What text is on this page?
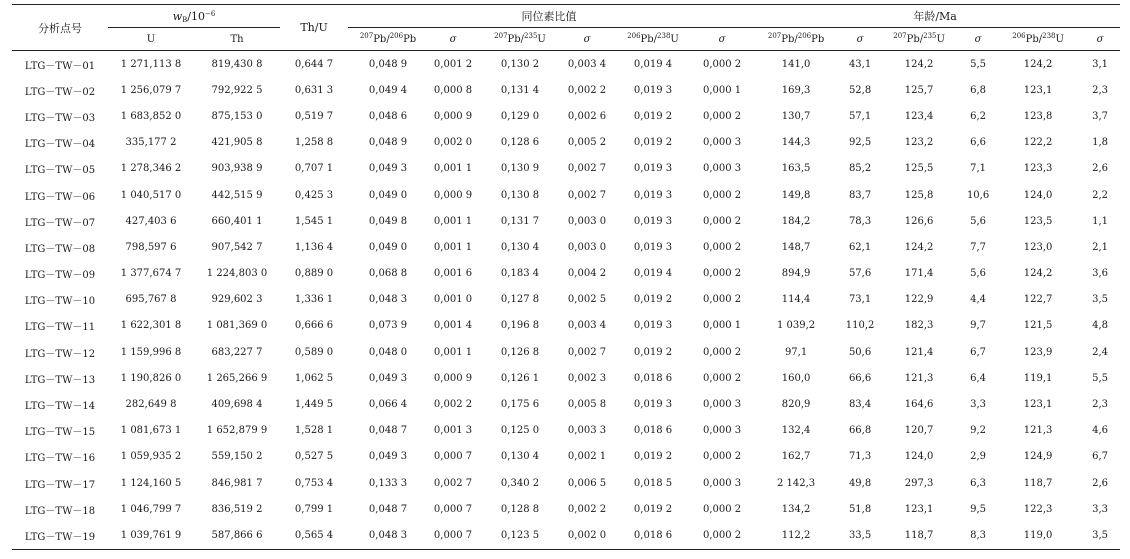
分析点号	$w_B/10^{-6}$		Th/U	同位素比值						年龄/Ma					
	U	Th		$^{207}$Pb/$^{206}$Pb	σ	$^{207}$Pb/$^{235}$U	σ	$^{206}$Pb/$^{238}$U	σ	$^{207}$Pb/$^{206}$Pb	σ	$^{207}$Pb/$^{235}$U	σ	$^{206}$Pb/$^{238}$U	σ
LTG－TW－01	1 271,113 8	819,430 8	0,644 7	0,048 9	0,001 2	0,130 2	0,003 4	0,019 4	0,000 2	141,0	43,1	124,2	5,5	124,2	3,1
LTG－TW－02	1 256,079 7	792,922 5	0,631 3	0,049 4	0,000 8	0,131 4	0,002 2	0,019 3	0,000 1	169,3	52,8	125,7	6,8	123,1	2,3
LTG－TW－03	1 683,852 0	875,153 0	0,519 7	0,048 6	0,000 9	0,129 0	0,002 6	0,019 2	0,000 2	130,7	57,1	123,4	6,2	123,8	3,7
LTG－TW－04	335,177 2	421,905 8	1,258 8	0,048 9	0,002 0	0,128 6	0,005 2	0,019 2	0,000 3	144,3	92,5	123,2	6,6	122,2	1,8
LTG－TW－05	1 278,346 2	903,938 9	0,707 1	0,049 3	0,001 1	0,130 9	0,002 7	0,019 3	0,000 3	163,5	85,2	125,5	7,1	123,3	2,6
LTG－TW－06	1 040,517 0	442,515 9	0,425 3	0,049 0	0,000 9	0,130 8	0,002 7	0,019 3	0,000 2	149,8	83,7	125,8	10,6	124,0	2,2
LTG－TW－07	427,403 6	660,401 1	1,545 1	0,049 8	0,001 1	0,131 7	0,003 0	0,019 3	0,000 2	184,2	78,3	126,6	5,6	123,5	1,1
LTG－TW－08	798,597 6	907,542 7	1,136 4	0,049 0	0,001 1	0,130 4	0,003 0	0,019 3	0,000 2	148,7	62,1	124,2	7,7	123,0	2,1
LTG－TW－09	1 377,674 7	1 224,803 0	0,889 0	0,068 8	0,001 6	0,183 4	0,004 2	0,019 4	0,000 2	894,9	57,6	171,4	5,6	124,2	3,6
LTG－TW－10	695,767 8	929,602 3	1,336 1	0,048 3	0,001 0	0,127 8	0,002 5	0,019 2	0,000 2	114,4	73,1	122,9	4,4	122,7	3,5
LTG－TW－11	1 622,301 8	1 081,369 0	0,666 6	0,073 9	0,001 4	0,196 8	0,003 4	0,019 3	0,000 1	1 039,2	110,2	182,3	9,7	121,5	4,8
LTG－TW－12	1 159,996 8	683,227 7	0,589 0	0,048 0	0,001 1	0,126 8	0,002 7	0,019 2	0,000 2	97,1	50,6	121,4	6,7	123,9	2,4
LTG－TW－13	1 190,826 0	1 265,266 9	1,062 5	0,049 3	0,000 9	0,126 1	0,002 3	0,018 6	0,000 2	160,0	66,6	121,3	6,4	119,1	5,5
LTG－TW－14	282,649 8	409,698 4	1,449 5	0,066 4	0,002 2	0,175 6	0,005 8	0,019 3	0,000 3	820,9	83,4	164,6	3,3	123,1	2,3
LTG－TW－15	1 081,673 1	1 652,879 9	1,528 1	0,048 7	0,001 3	0,125 0	0,003 3	0,018 6	0,000 3	132,4	66,8	120,7	9,2	121,3	4,6
LTG－TW－16	1 059,935 2	559,150 2	0,527 5	0,049 3	0,000 7	0,130 4	0,002 1	0,019 2	0,000 2	162,7	71,3	124,0	2,9	124,9	6,7
LTG－TW－17	1 124,160 5	846,981 7	0,753 4	0,133 3	0,002 7	0,340 2	0,006 5	0,018 5	0,000 3	2 142,3	49,8	297,3	6,3	118,7	2,6
LTG－TW－18	1 046,799 7	836,519 2	0,799 1	0,048 7	0,000 7	0,128 8	0,002 2	0,019 2	0,000 2	134,2	51,8	123,1	9,5	122,3	3,3
LTG－TW－19	1 039,761 9	587,866 6	0,565 4	0,048 3	0,000 7	0,123 5	0,002 0	0,018 6	0,000 2	112,2	33,5	118,7	8,3	119,0	3,5
